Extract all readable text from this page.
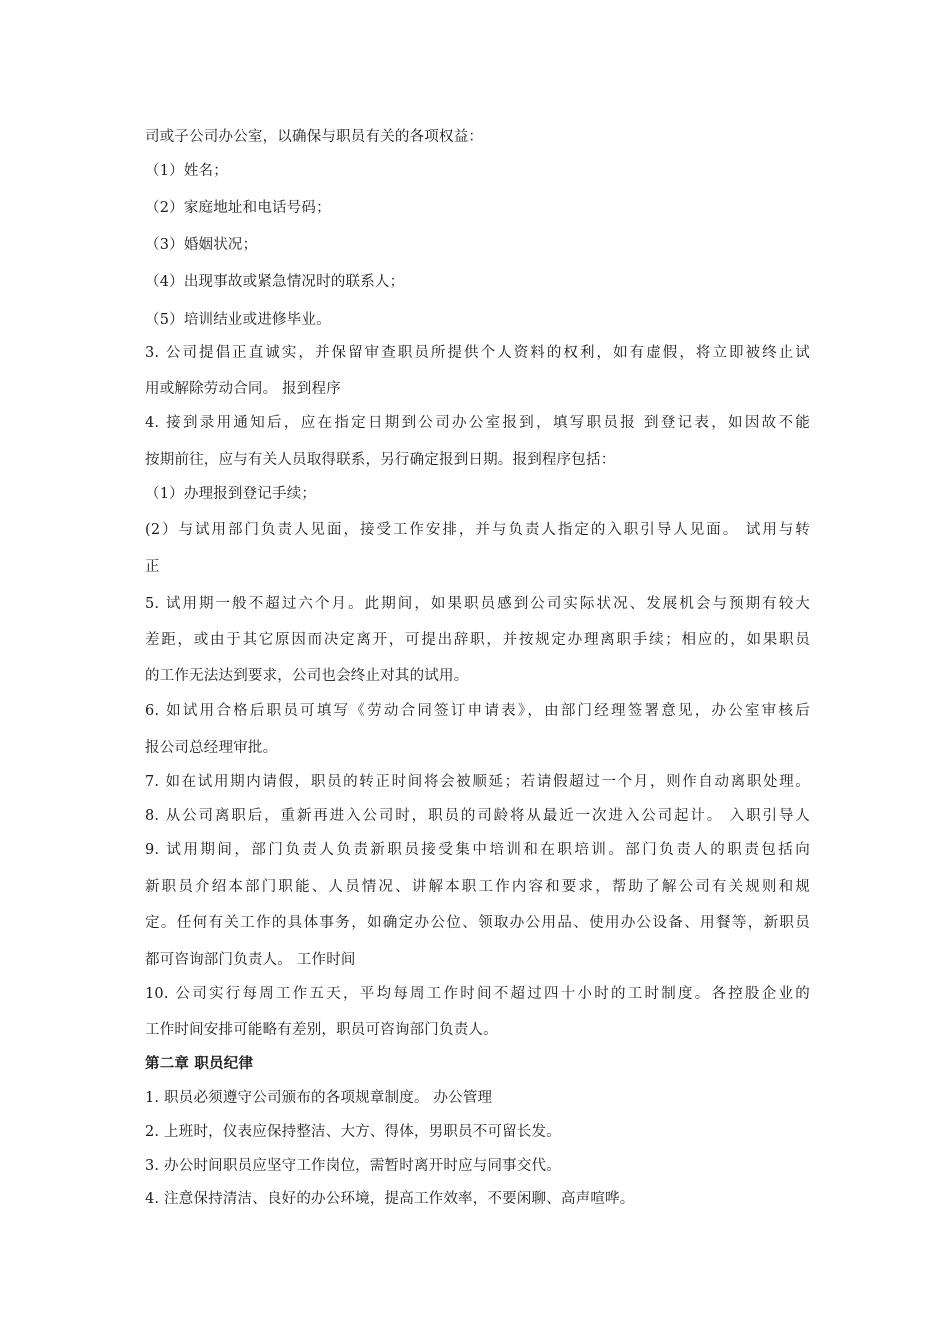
司或子公司办公室，以确保与职员有关的各项权益：
（1）姓名；
（2）家庭地址和电话号码；
（3）婚姻状况；
（4）出现事故或紧急情况时的联系人；
（5）培训结业或进修毕业。
3. 公司提倡正直诚实，并保留审查职员所提供个人资料的权利，如有虚假，将立即被终止试
用或解除劳动合同。 报到程序
4. 接到录用通知后，应在指定日期到公司办公室报到，填写职员报 到登记表，如因故不能
按期前往，应与有关人员取得联系，另行确定报到日期。报到程序包括：
（1）办理报到登记手续；
(2）与试用部门负责人见面，接受工作安排，并与负责人指定的入职引导人见面。 试用与转
正
5. 试用期一般不超过六个月。此期间，如果职员感到公司实际状况、发展机会与预期有较大
差距，或由于其它原因而决定离开，可提出辞职，并按规定办理离职手续；相应的，如果职员
的工作无法达到要求，公司也会终止对其的试用。
6. 如试用合格后职员可填写《劳动合同签订申请表》，由部门经理签署意见，办公室审核后
报公司总经理审批。
7. 如在试用期内请假，职员的转正时间将会被顺延；若请假超过一个月，则作自动离职处理。
8. 从公司离职后，重新再进入公司时，职员的司龄将从最近一次进入公司起计。 入职引导人
9. 试用期间，部门负责人负责新职员接受集中培训和在职培训。部门负责人的职责包括向
新职员介绍本部门职能、人员情况、讲解本职工作内容和要求，帮助了解公司有关规则和规
定。任何有关工作的具体事务，如确定办公位、领取办公用品、使用办公设备、用餐等，新职员
都可咨询部门负责人。 工作时间
10. 公司实行每周工作五天，平均每周工作时间不超过四十小时的工时制度。各控股企业的
工作时间安排可能略有差别，职员可咨询部门负责人。
第二章 职员纪律
1. 职员必须遵守公司颁布的各项规章制度。 办公管理
2. 上班时，仪表应保持整洁、大方、得体，男职员不可留长发。
3. 办公时间职员应坚守工作岗位，需暂时离开时应与同事交代。
4. 注意保持清洁、良好的办公环境，提高工作效率，不要闲聊、高声喧哗。
